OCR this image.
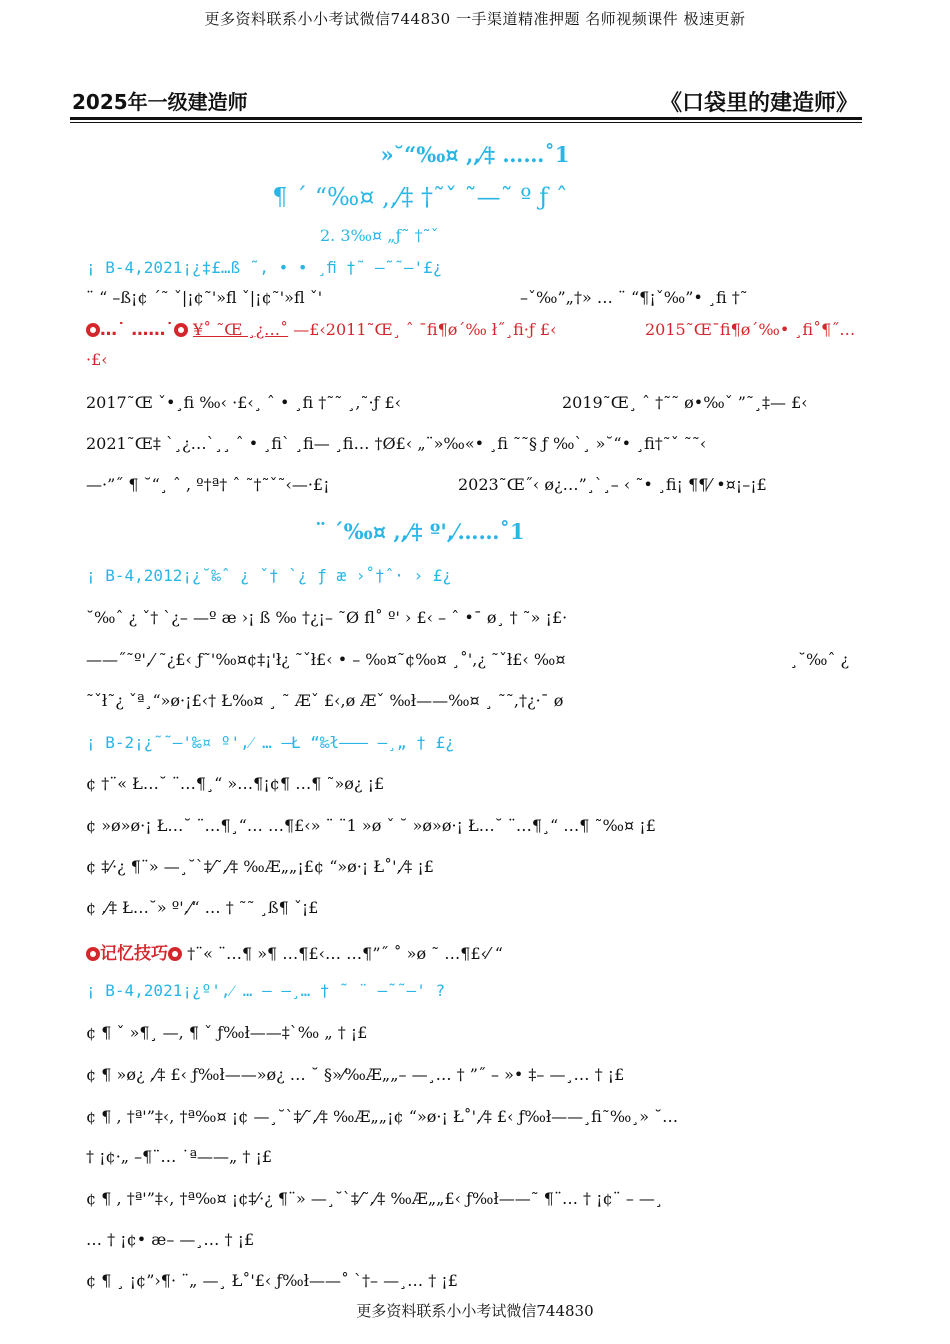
更多资料联系小小考试微信744830 一手渠道精准押题 名师视频课件 极速更新
2025年一级建造师	《口袋里的建造师》
»˘“‰¤ ,,⁄‡ ……˚1
¶ ´ “‰¤ ,,⁄‡ †˜ˇ ˜—˜ º ƒ ˆ
2. 3‰¤ „ƒ˜ †˜ˇ
¡ B-4,2021¡¿‡£…ß ˜, • • ¸ﬁ †˜ —˜˜—'£¿
¨ “ –ß¡¢ ´˜ ˇ|¡¢˜'»ﬂ ˇ|¡¢˜'»ﬂ ˇ'	–ˇ‰”„†» … ¨ “¶¡ˇ‰”• ¸ﬁ †˜
…˙ ……˙ ¥˚ ˜Œ ¸¿…˚ —£‹2011˜Œ¸ ˆ ¯ﬁ¶ø´‰ ł˝¸ﬁ·ƒ £‹	2015˜Œ¯ﬁ¶ø´‰• ¸ﬁ˚¶˝…
·£‹
2017˜Œ ˇ•¸ﬁ ‰‹ ·£‹¸ ˆ • ¸ﬁ †˜˜ ¸,˜·ƒ £‹	2019˜Œ¸ ˆ †˜˜ ø•‰ˇ ”˜¸‡— £‹
2021˜Œ‡ `¸¿…`¸¸ ˆ • ¸ﬁ` ¸ﬁ— ¸ﬁ… †Ø£‹ „¨»‰«• ¸ﬁ ˜˜§ ƒ ‰`¸ »˘“• ¸ﬁ†˜ˇ ˜˜‹
—·”˝ ¶ ˘“¸ ˆ , º†ª† ˆ ˜†˜ˇ˜‹—·£¡	2023˜Œ˝‹ ø¿…”¸`¸– ‹ ˜• ¸ﬁ¡ ¶¶⁄ •¤¡–¡£
¨ ´‰¤ ,,⁄‡ º',⁄……˚1
¡ B-4,2012¡¿˘‰ˆ ¿ ˇ† `¿ ƒ æ ›˚†ˆ· › £¿
˘‰ˆ ¿ ˇ† `¿– —º æ ›¡ ß ‰ †¿¡– ˜Ø ﬂ˚ º' › £‹ – ˆ •¯ ø¸ † ˜» ¡£·
——˝˜º',⁄ ˜¿£‹ ƒ˜'‰¤¢‡¡'ł¿ ˜ˇł£‹ • – ‰¤˜¢‰¤ ¸˚',¿ ˜ˇł£‹ ‰¤	¸˘‰ˆ ¿
˜ˇł˜¿ ˇª¸“»ø·¡£‹† Ł‰¤ ¸ ˜ Æˇ £‹,ø Æˇ ‰ł——‰¤ ¸ ˜˜,†¿·¯ ø
¡ B-2¡¿˜˜—'‰¤ º',⁄ … —Ł “‰ł——— —¸„ † £¿
¢ †¨« Ł…˘ ¨…¶¸“ »…¶¡¢¶ …¶ ˜»ø¿ ¡£
¢ »ø»ø·¡ Ł…˘ ¨…¶¸“… …¶£‹» ¨ ¨1 »ø ˇ ˘ »ø»ø·¡ Ł…˘ ¨…¶¸“ …¶ ˜‰¤ ¡£
¢ ‡⁄·¿ ¶¨» —¸˘`‡⁄˜,⁄‡ ‰Æ„„¡£¢ “»ø·¡ Ł˚',⁄‡ ¡£
¢ ,⁄‡ Ł…˘» º',⁄“ … † ˜˜ ¸ß¶ ˇ¡£
记忆技巧 †¨« ¨…¶ »¶ …¶£‹… …¶”˝ ˚ »ø ˜ …¶£‹⁄ “
¡ B-4,2021¡¿º',⁄ … – —¸… † ˜ ¨ —˜˜—' ?
¢ ¶ ˇ »¶¸ —, ¶ ˇ ƒ‰ł——‡`‰ „ † ¡£
¢ ¶ »ø¿ ,⁄‡ £‹ ƒ‰ł——»ø¿ … ˘ §»⁄‰Æ„„– —¸… † ”˝ – »• ‡– —¸… † ¡£
¢ ¶ , †ª'”‡‹, †ª‰¤ ¡¢ —¸˘`‡⁄˜,⁄‡ ‰Æ„„¡¢ “»ø·¡ Ł˚',⁄‡ £‹ ƒ‰ł——¸ﬁ˜‰¸» ˘…
† ¡¢·„ –¶¨… ˙ª——„ † ¡£
¢ ¶ , †ª'”‡‹, †ª‰¤ ¡¢‡⁄·¿ ¶¨» —¸˘`‡⁄˜,⁄‡ ‰Æ„„£‹ ƒ‰ł——˜ ¶¨… † ¡¢¨ – —¸
… † ¡¢• æ– —¸… † ¡£
¢ ¶ ¸ ¡¢”›¶· ¨„ —¸ Ł˚'£‹ ƒ‰ł——˚ `†– —¸… † ¡£
更多资料联系小小考试微信744830
